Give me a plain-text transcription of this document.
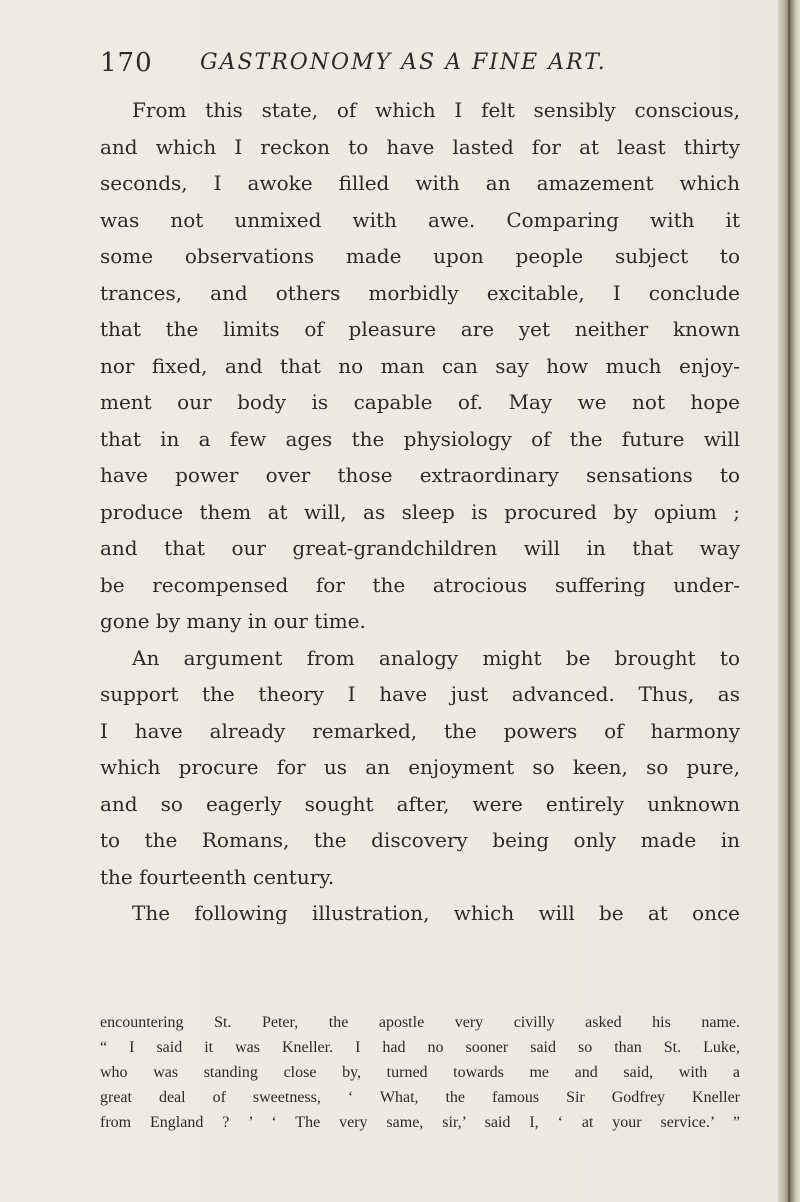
170 GASTRONOMY AS A FINE ART.
From this state, of which I felt sensibly conscious,
and which I reckon to have lasted for at least thirty
seconds, I awoke filled with an amazement which
was not unmixed with awe. Comparing with it
some observations made upon people subject to
trances, and others morbidly excitable, I conclude
that the limits of pleasure are yet neither known
nor fixed, and that no man can say how much enjoy-
ment our body is capable of. May we not hope
that in a few ages the physiology of the future will
have power over those extraordinary sensations to
produce them at will, as sleep is procured by opium ;
and that our great-grandchildren will in that way
be recompensed for the atrocious suffering under-
gone by many in our time.
An argument from analogy might be brought to
support the theory I have just advanced. Thus, as
I have already remarked, the powers of harmony
which procure for us an enjoyment so keen, so pure,
and so eagerly sought after, were entirely unknown
to the Romans, the discovery being only made in
the fourteenth century.
The following illustration, which will be at once
encountering St. Peter, the apostle very civilly asked his name.
“ I said it was Kneller. I had no sooner said so than St. Luke,
who was standing close by, turned towards me and said, with a
great deal of sweetness, ‘ What, the famous Sir Godfrey Kneller
from England ? ’ ‘ The very same, sir,’ said I, ‘ at your service.’ ”
